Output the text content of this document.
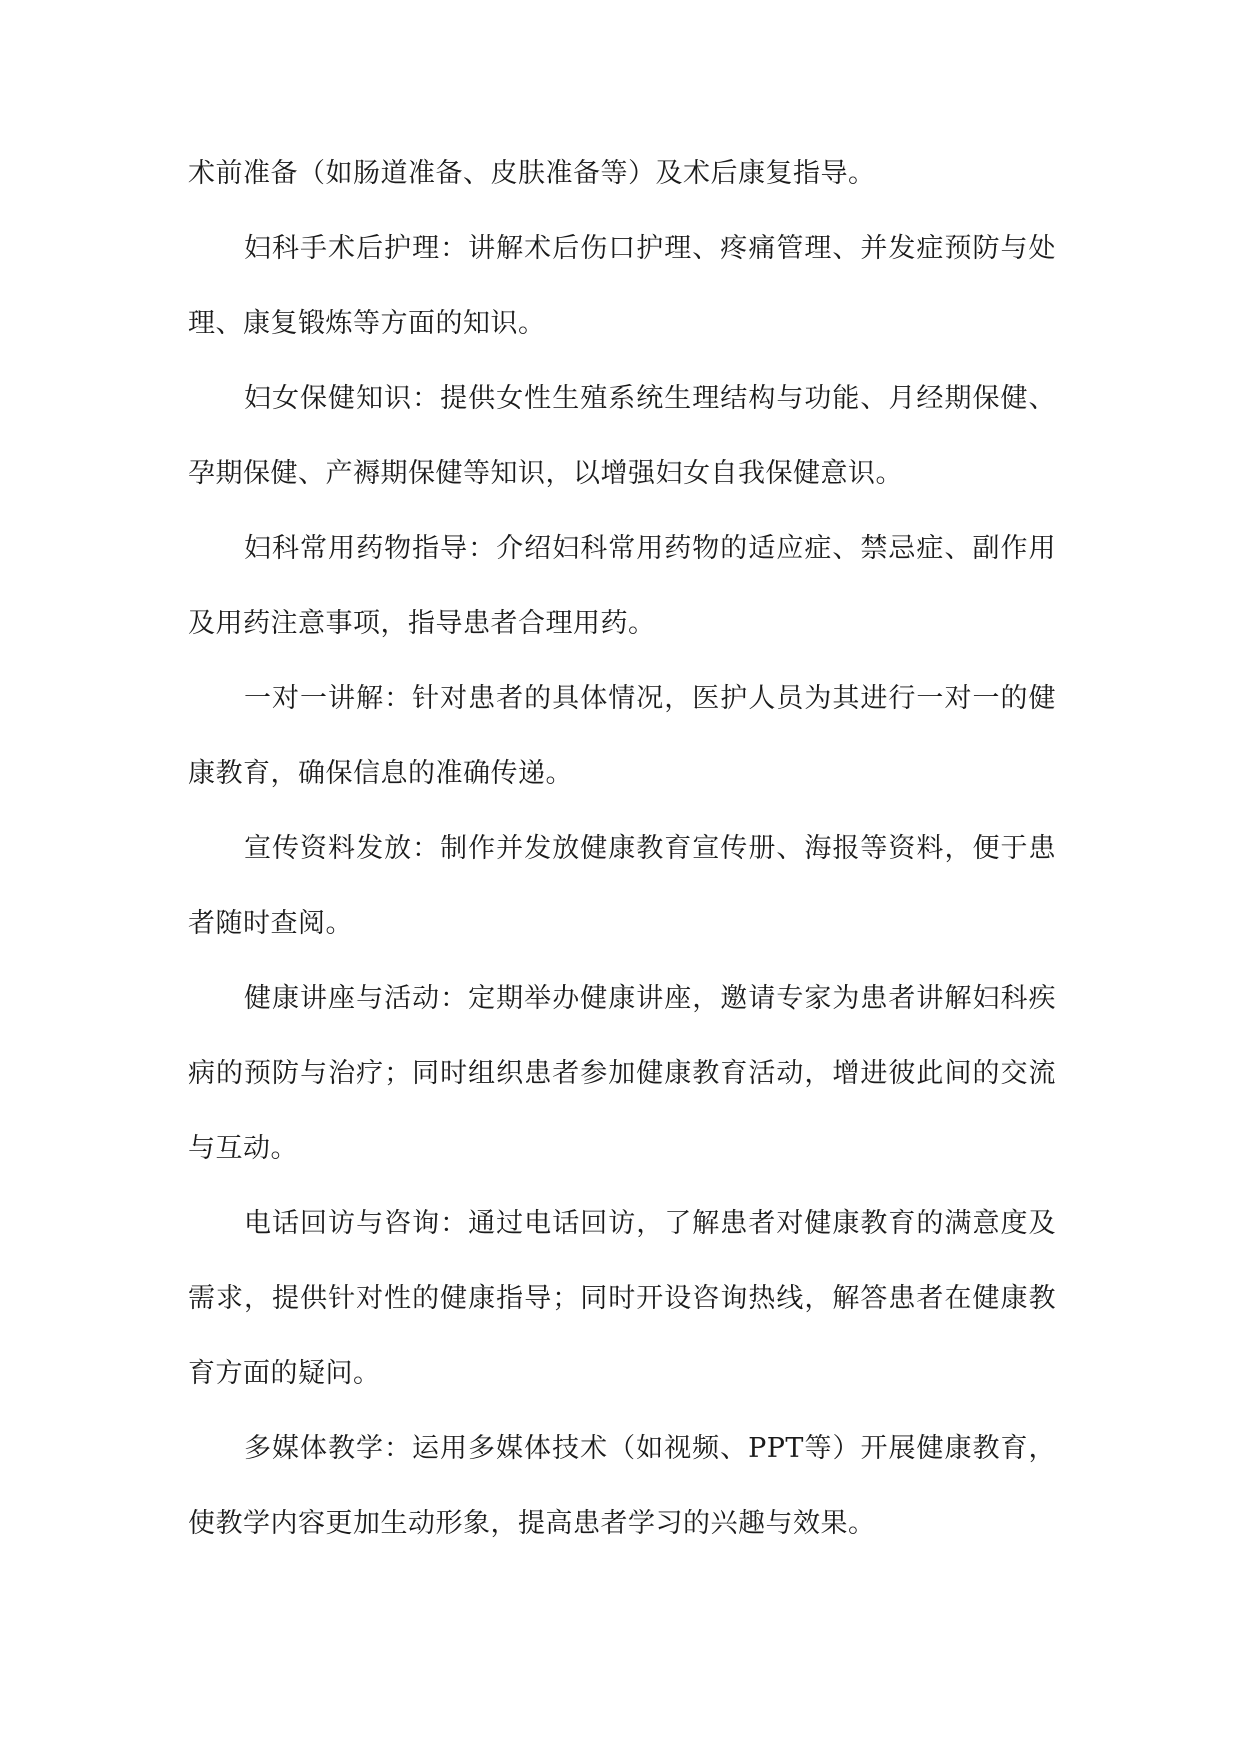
术前准备（如肠道准备、皮肤准备等）及术后康复指导。

妇科手术后护理：讲解术后伤口护理、疼痛管理、并发症预防与处理、康复锻炼等方面的知识。

妇女保健知识：提供女性生殖系统生理结构与功能、月经期保健、孕期保健、产褥期保健等知识，以增强妇女自我保健意识。

妇科常用药物指导：介绍妇科常用药物的适应症、禁忌症、副作用及用药注意事项，指导患者合理用药。

一对一讲解：针对患者的具体情况，医护人员为其进行一对一的健康教育，确保信息的准确传递。

宣传资料发放：制作并发放健康教育宣传册、海报等资料，便于患者随时查阅。

健康讲座与活动：定期举办健康讲座，邀请专家为患者讲解妇科疾病的预防与治疗；同时组织患者参加健康教育活动，增进彼此间的交流与互动。

电话回访与咨询：通过电话回访，了解患者对健康教育的满意度及需求，提供针对性的健康指导；同时开设咨询热线，解答患者在健康教育方面的疑问。

多媒体教学：运用多媒体技术（如视频、PPT等）开展健康教育，使教学内容更加生动形象，提高患者学习的兴趣与效果。
